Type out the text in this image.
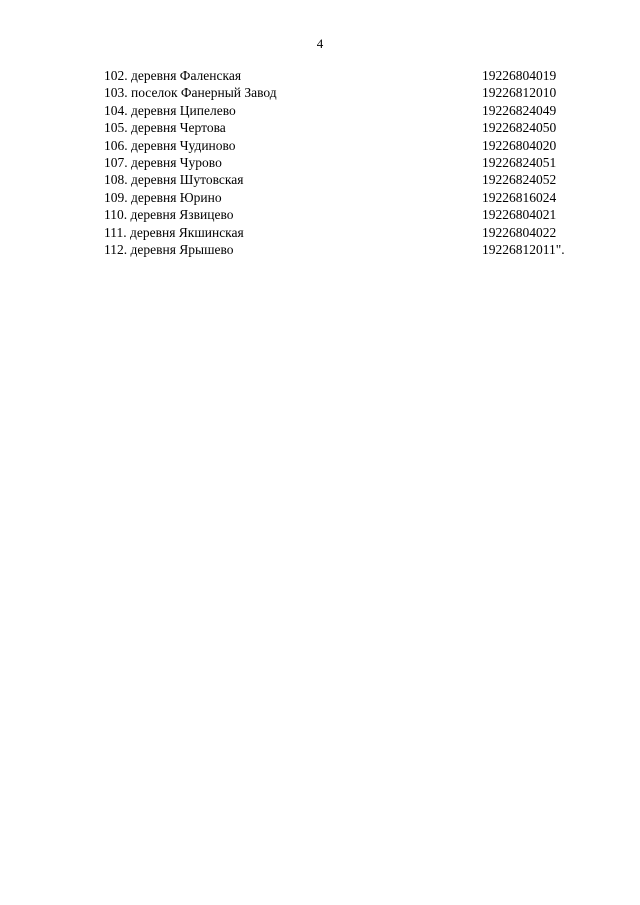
4
102. деревня Фаленская	19226804019
103. поселок Фанерный Завод	19226812010
104. деревня Ципелево	19226824049
105. деревня Чертова	19226824050
106. деревня Чудиново	19226804020
107. деревня Чурово	19226824051
108. деревня Шутовская	19226824052
109. деревня Юрино	19226816024
110. деревня Язвицево	19226804021
111. деревня Якшинская	19226804022
112. деревня Ярышево	19226812011".
